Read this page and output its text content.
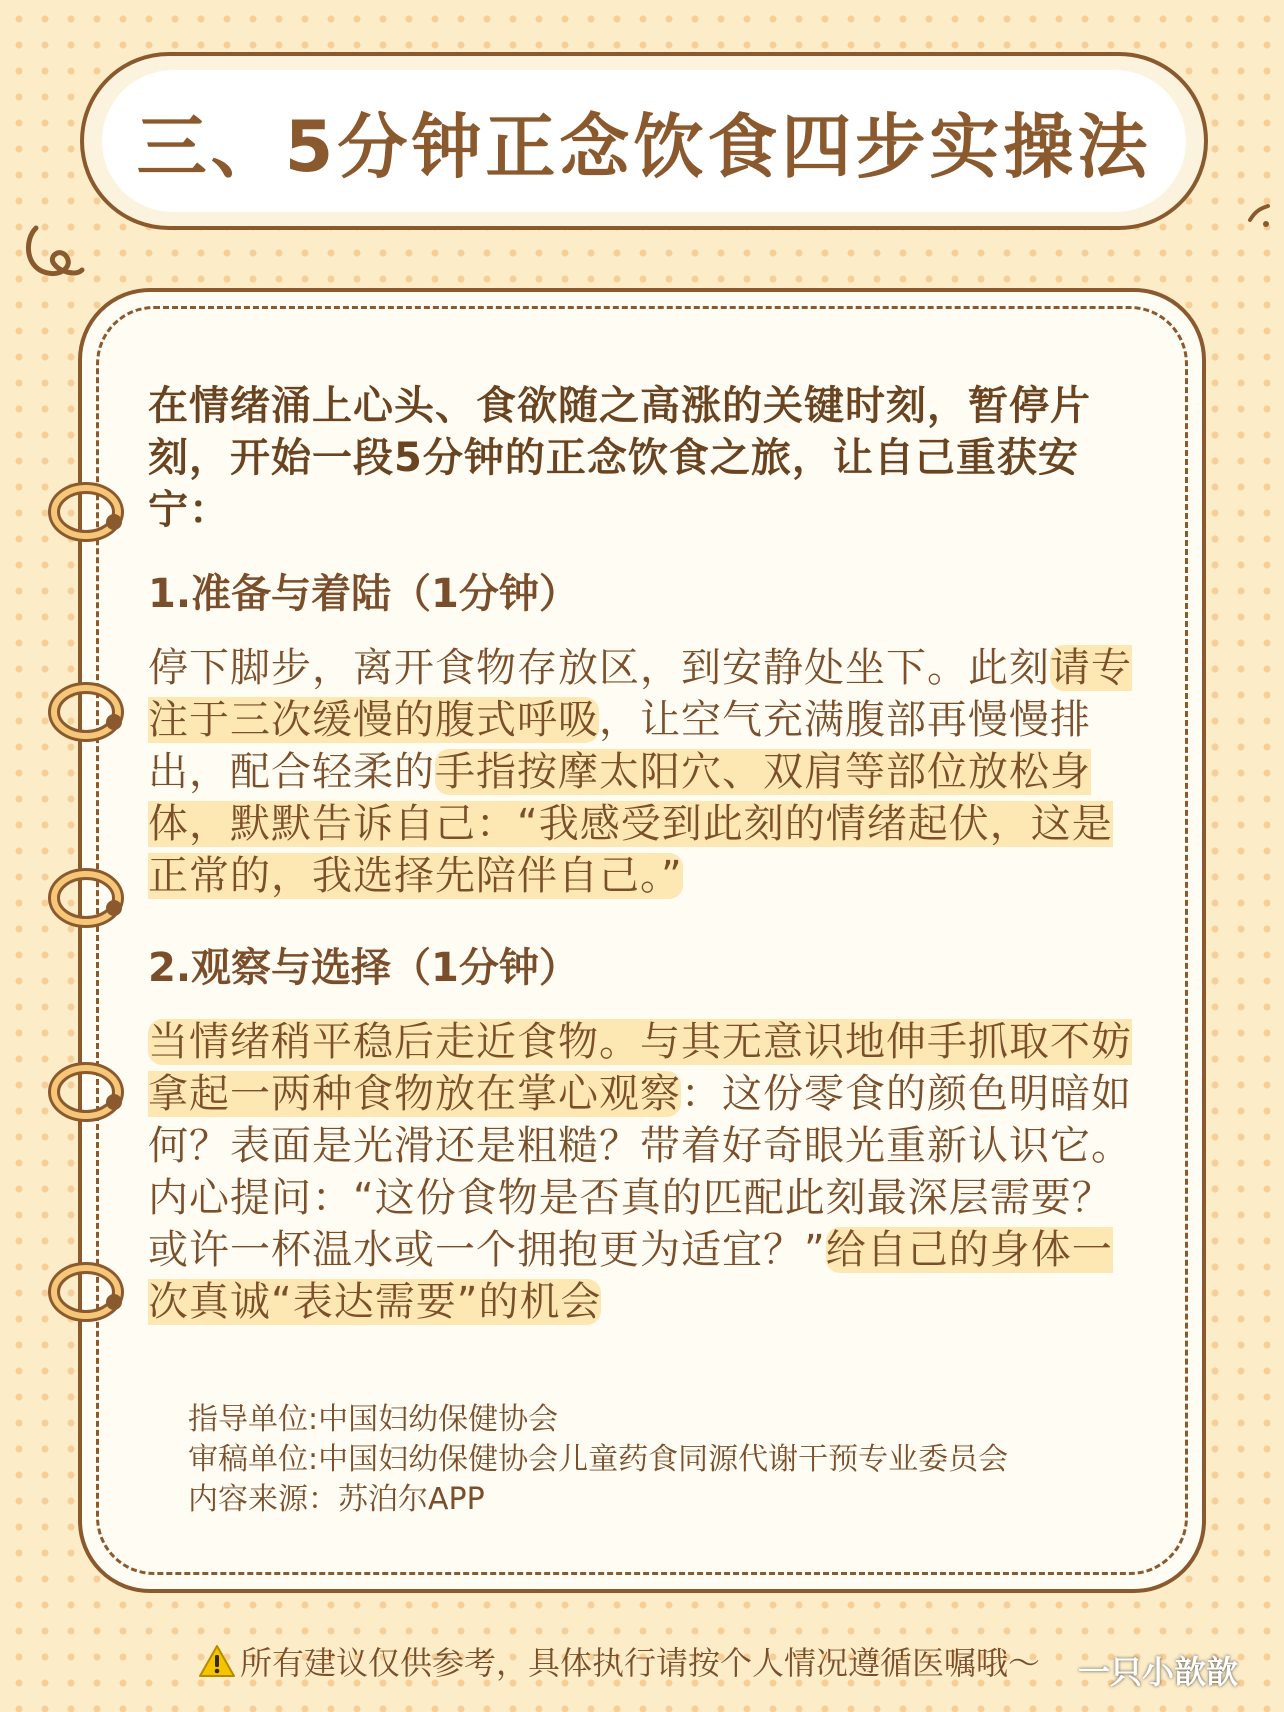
三、5分钟正念饮食四步实操法

在情绪涌上心头、食欲随之高涨的关键时刻，暂停片刻，开始一段5分钟的正念饮食之旅，让自己重获安宁：

1.准备与着陆（1分钟）

停下脚步，离开食物存放区，到安静处坐下。此刻请专注于三次缓慢的腹式呼吸，让空气充满腹部再慢慢排出，配合轻柔的手指按摩太阳穴、双肩等部位放松身体，默默告诉自己：“我感受到此刻的情绪起伏，这是正常的，我选择先陪伴自己。”

2.观察与选择（1分钟）

当情绪稍平稳后走近食物。与其无意识地伸手抓取不妨拿起一两种食物放在掌心观察：这份零食的颜色明暗如何？表面是光滑还是粗糙？带着好奇眼光重新认识它。内心提问：“这份食物是否真的匹配此刻最深层需要？或许一杯温水或一个拥抱更为适宜？”给自己的身体一次真诚“表达需要”的机会

指导单位:中国妇幼保健协会
审稿单位:中国妇幼保健协会儿童药食同源代谢干预专业委员会
内容来源：苏泊尔APP
所有建议仅供参考，具体执行请按个人情况遵循医嘱哦～ 一只小歆歆
